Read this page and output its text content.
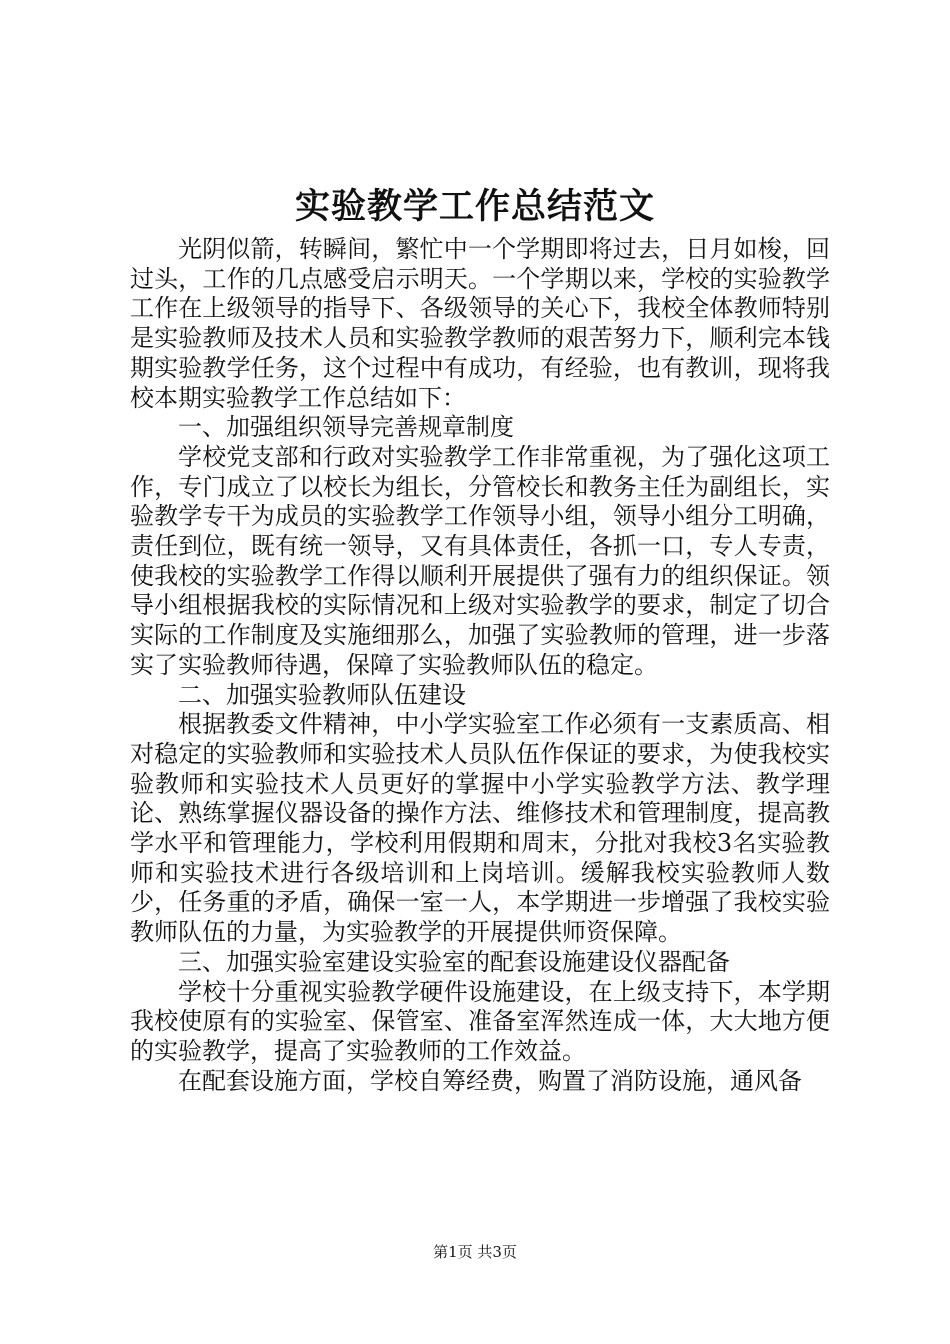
实验教学工作总结范文

光阴似箭，转瞬间，繁忙中一个学期即将过去，日月如梭，回过头，工作的几点感受启示明天。一个学期以来，学校的实验教学工作在上级领导的指导下、各级领导的关心下，我校全体教师特别是实验教师及技术人员和实验教学教师的艰苦努力下，顺利完本钱期实验教学任务，这个过程中有成功，有经验，也有教训，现将我校本期实验教学工作总结如下：

一、加强组织领导完善规章制度

学校党支部和行政对实验教学工作非常重视，为了强化这项工作，专门成立了以校长为组长，分管校长和教务主任为副组长，实验教学专干为成员的实验教学工作领导小组，领导小组分工明确，责任到位，既有统一领导，又有具体责任，各抓一口，专人专责，使我校的实验教学工作得以顺利开展提供了强有力的组织保证。领导小组根据我校的实际情况和上级对实验教学的要求，制定了切合实际的工作制度及实施细那么，加强了实验教师的管理，进一步落实了实验教师待遇，保障了实验教师队伍的稳定。

二、加强实验教师队伍建设

根据教委文件精神，中小学实验室工作必须有一支素质高、相对稳定的实验教师和实验技术人员队伍作保证的要求，为使我校实验教师和实验技术人员更好的掌握中小学实验教学方法、教学理论、熟练掌握仪器设备的操作方法、维修技术和管理制度，提高教学水平和管理能力，学校利用假期和周末，分批对我校3名实验教师和实验技术进行各级培训和上岗培训。缓解我校实验教师人数少，任务重的矛盾，确保一室一人，本学期进一步增强了我校实验教师队伍的力量，为实验教学的开展提供师资保障。

三、加强实验室建设实验室的配套设施建设仪器配备

学校十分重视实验教学硬件设施建设，在上级支持下，本学期我校使原有的实验室、保管室、准备室浑然连成一体，大大地方便的实验教学，提高了实验教师的工作效益。

在配套设施方面，学校自筹经费，购置了消防设施，通风备

第1页 共3页
